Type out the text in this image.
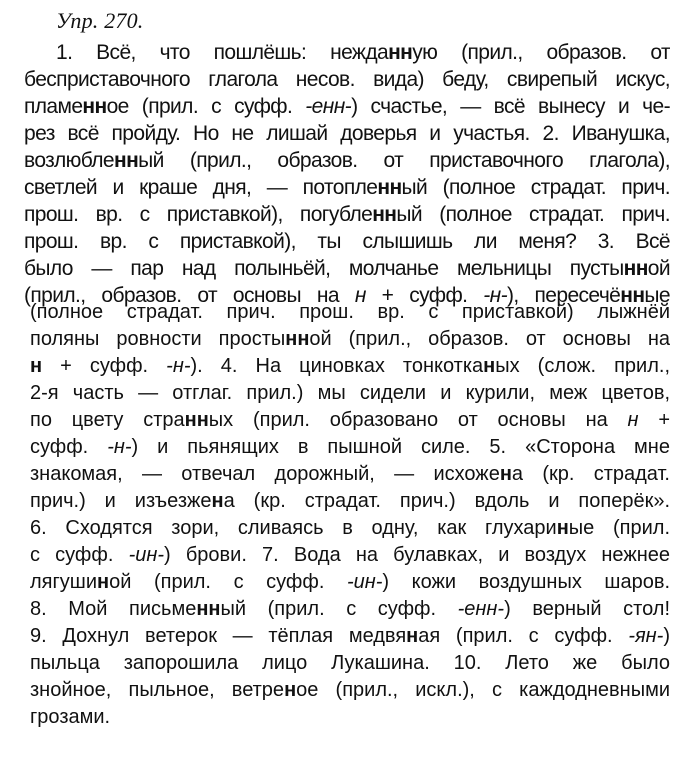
Упр. 270.
1. Всё, что пошлёшь: нежданную (прил., образов. от
бесприставочного глагола несов. вида) беду, свирепый искус,
пламенное (прил. с суфф. -енн-) счастье, — всё вынесу и че-
рез всё пройду. Но не лишай доверья и участья. 2. Иванушка,
возлюбленный (прил., образов. от приставочного глагола),
светлей и краше дня, — потопленный (полное страдат. прич.
прош. вр. с приставкой), погубленный (полное страдат. прич.
прош. вр. с приставкой), ты слышишь ли меня? 3. Всё
было — пар над полыньёй, молчанье мельницы пустынной
(прил., образов. от основы на н + суфф. -н-), пересечённые
(полное страдат. прич. прош. вр. с приставкой) лыжнёй
поляны ровности простынной (прил., образов. от основы на
н + суфф. -н-). 4. На циновках тонкотканых (слож. прил.,
2-я часть — отглаг. прил.) мы сидели и курили, меж цветов,
по цвету странных (прил. образовано от основы на н +
суфф. -н-) и пьянящих в пышной силе. 5. «Сторона мне
знакомая, — отвечал дорожный, — исхожена (кр. страдат.
прич.) и изъезжена (кр. страдат. прич.) вдоль и поперёк».
6. Сходятся зори, сливаясь в одну, как глухариные (прил.
с суфф. -ин-) брови. 7. Вода на булавках, и воздух нежнее
лягушиной (прил. с суфф. -ин-) кожи воздушных шаров.
8. Мой письменный (прил. с суфф. -енн-) верный стол!
9. Дохнул ветерок — тёплая медвяная (прил. с суфф. -ян-)
пыльца запорошила лицо Лукашина. 10. Лето же было
знойное, пыльное, ветреное (прил., искл.), с каждодневными
грозами.
